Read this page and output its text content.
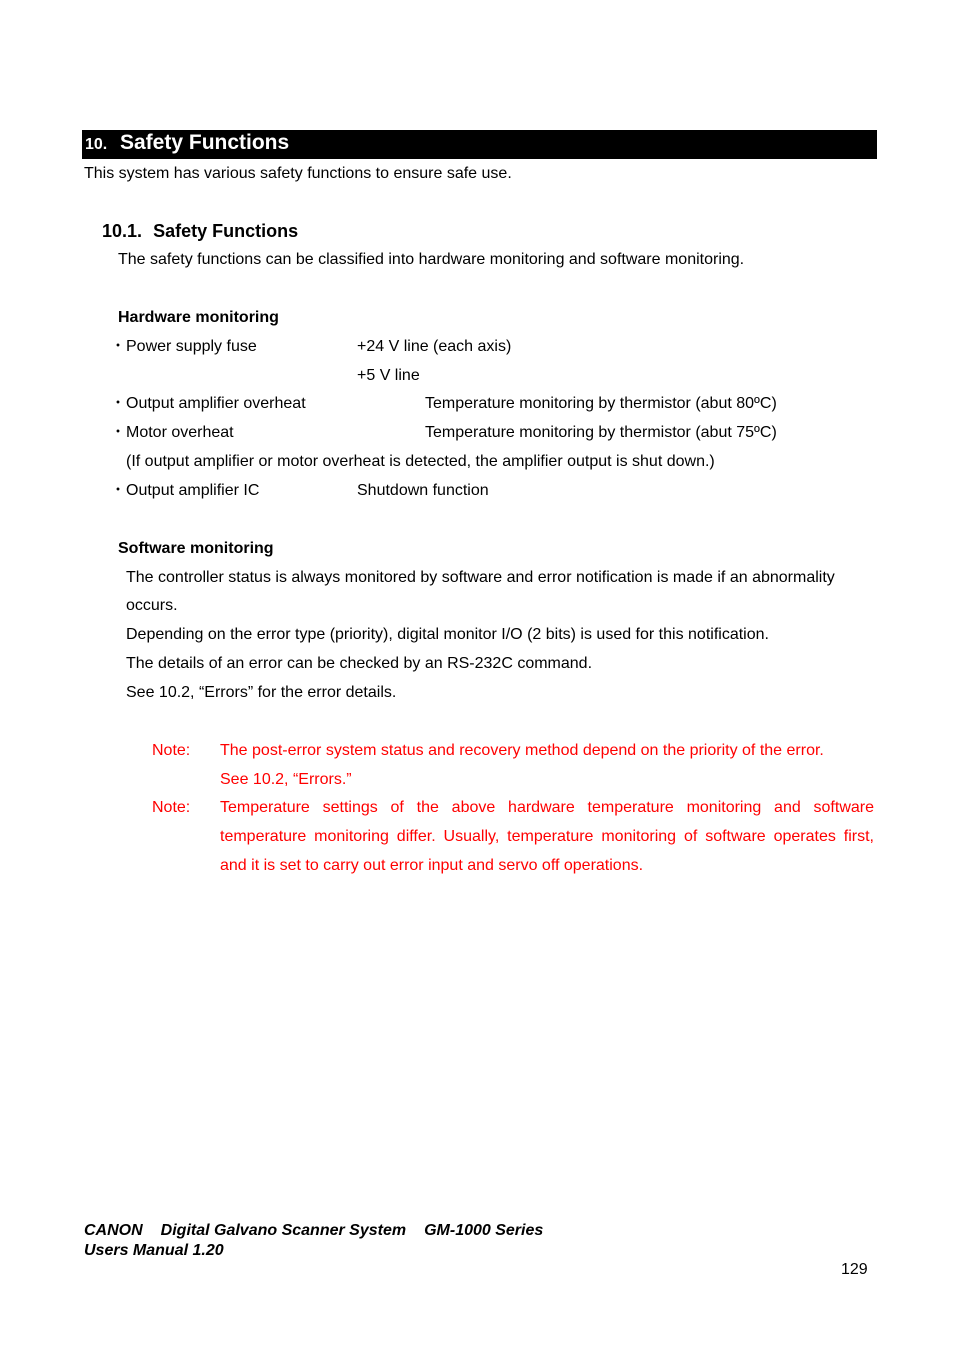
10. Safety Functions
This system has various safety functions to ensure safe use.
10.1. Safety Functions
The safety functions can be classified into hardware monitoring and software monitoring.
Hardware monitoring
・Power supply fuse	+24 V line (each axis)
+5 V line
・Output amplifier overheat	Temperature monitoring by thermistor (abut 80ºC)
・Motor overheat	Temperature monitoring by thermistor (abut 75ºC)
(If output amplifier or motor overheat is detected, the amplifier output is shut down.)
・Output amplifier IC	Shutdown function
Software monitoring
The controller status is always monitored by software and error notification is made if an abnormality
occurs.
Depending on the error type (priority), digital monitor I/O (2 bits) is used for this notification.
The details of an error can be checked by an RS-232C command.
See 10.2, “Errors” for the error details.
Note: The post-error system status and recovery method depend on the priority of the error.
See 10.2, “Errors.”
Note: Temperature settings of the above hardware temperature monitoring and software
temperature monitoring differ. Usually, temperature monitoring of software operates first,
and it is set to carry out error input and servo off operations.
CANON Digital Galvano Scanner System GM-1000 Series
Users Manual 1.20
129
